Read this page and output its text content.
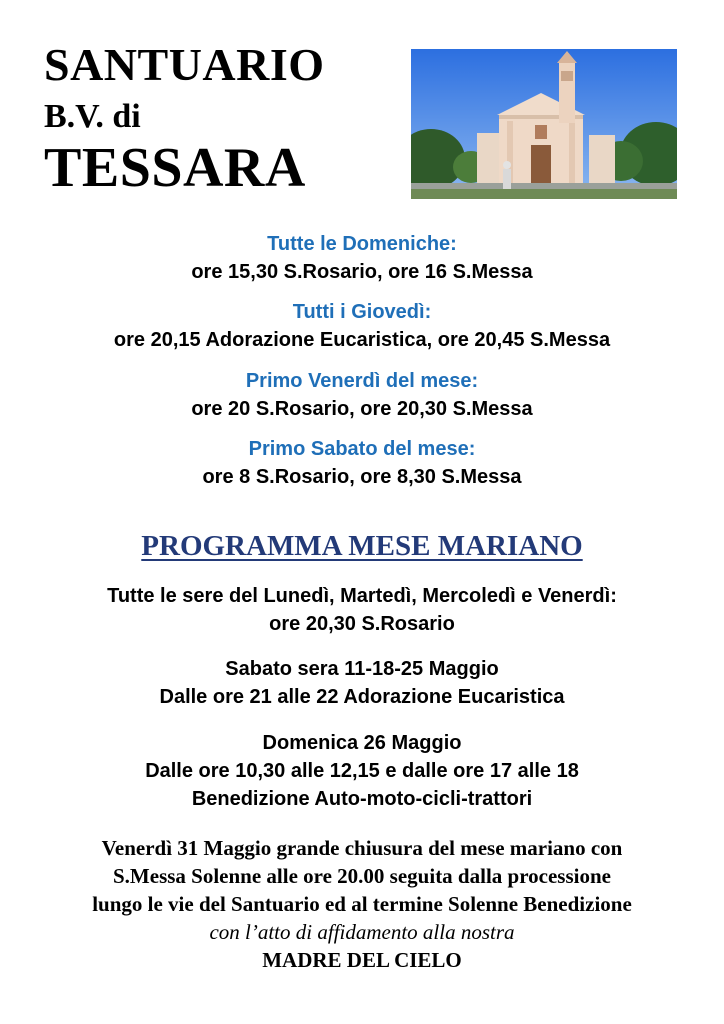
SANTUARIO
B.V. di
TESSARA
Tutte le Domeniche:
ore 15,30 S.Rosario, ore 16 S.Messa
Tutti i Giovedì:
ore 20,15 Adorazione Eucaristica, ore 20,45 S.Messa
Primo Venerdì del mese:
ore 20 S.Rosario, ore 20,30 S.Messa
Primo Sabato del mese:
ore 8 S.Rosario, ore 8,30 S.Messa
PROGRAMMA MESE MARIANO
Tutte le sere del Lunedì, Martedì, Mercoledì e Venerdì:
ore 20,30 S.Rosario
Sabato sera 11-18-25 Maggio
Dalle ore 21 alle 22 Adorazione Eucaristica
Domenica 26 Maggio
Dalle ore 10,30 alle 12,15 e dalle ore 17 alle 18
Benedizione Auto-moto-cicli-trattori
Venerdì 31 Maggio grande chiusura del mese mariano con
S.Messa Solenne alle ore 20.00 seguita dalla processione
lungo le vie del Santuario ed al termine Solenne Benedizione
con l’atto di affidamento alla nostra
MADRE DEL CIELO
